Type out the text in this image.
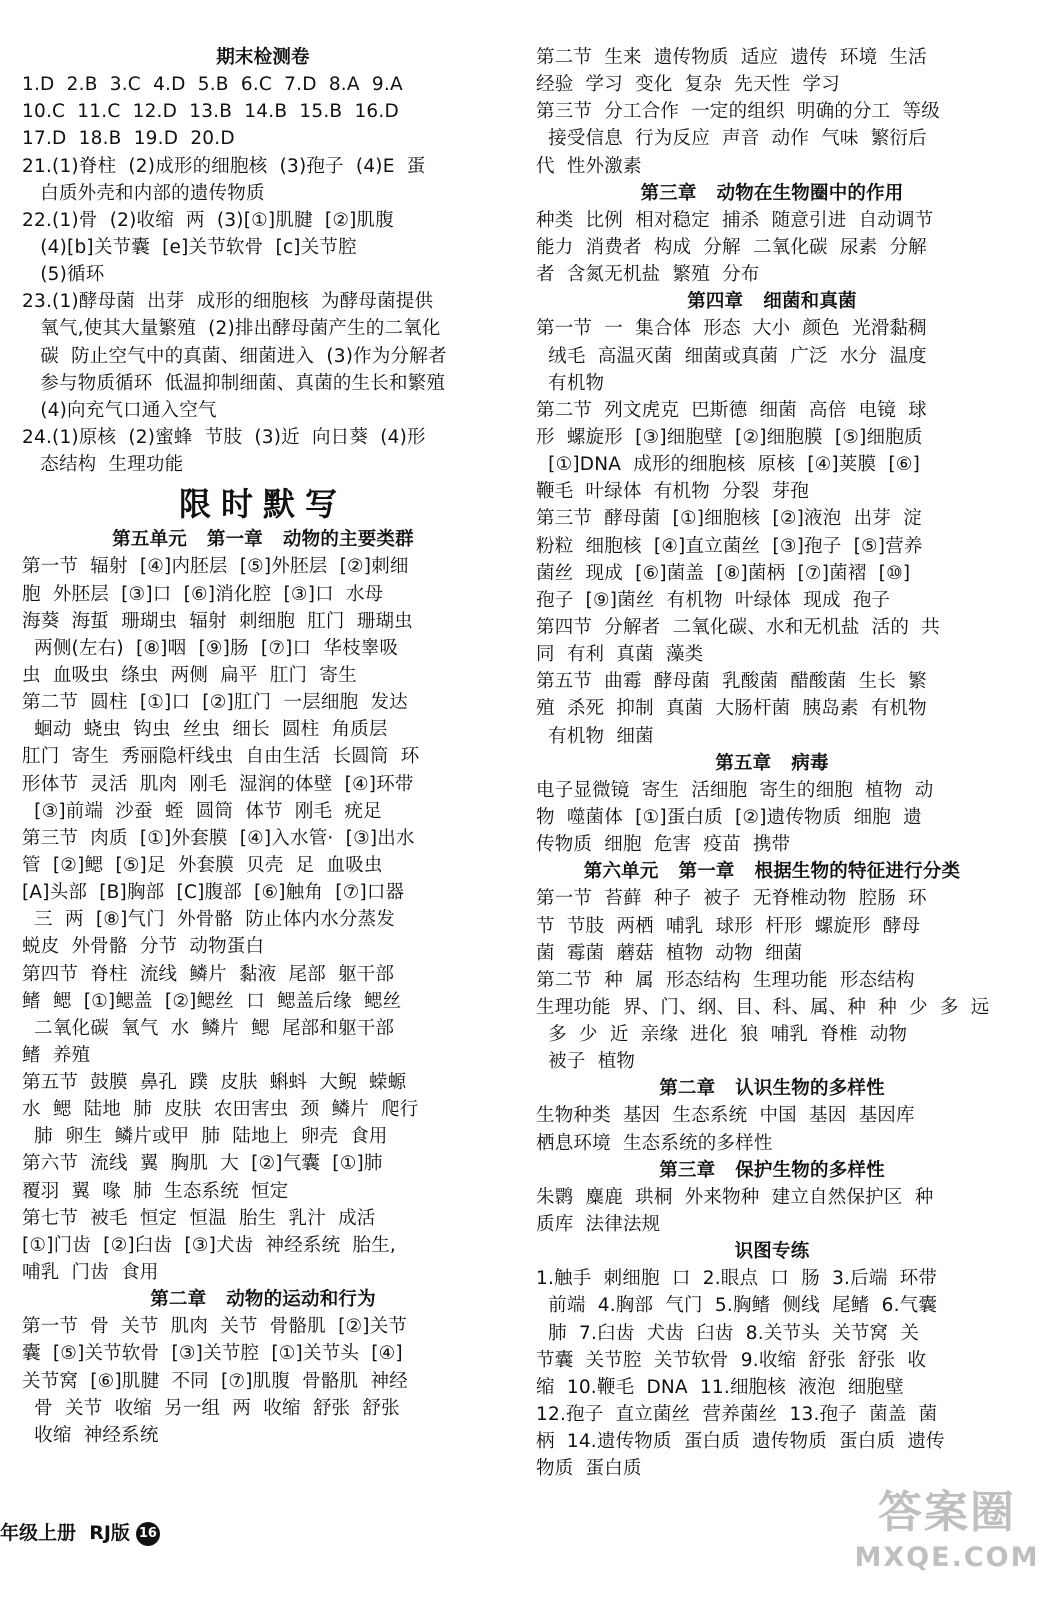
期末检测卷
1.D  2.B  3.C  4.D  5.B  6.C  7.D  8.A  9.A
10.C  11.C  12.D  13.B  14.B  15.B  16.D
17.D  18.B  19.D  20.D
21.(1)脊柱  (2)成形的细胞核  (3)孢子  (4)E  蛋
白质外壳和内部的遗传物质
22.(1)骨  (2)收缩  两  (3)[①]肌腱  [②]肌腹
(4)[b]关节囊  [e]关节软骨  [c]关节腔
(5)循环
23.(1)酵母菌  出芽  成形的细胞核  为酵母菌提供
氧气,使其大量繁殖  (2)排出酵母菌产生的二氧化
碳  防止空气中的真菌、细菌进入  (3)作为分解者
参与物质循环  低温抑制细菌、真菌的生长和繁殖
(4)向充气口通入空气
24.(1)原核  (2)蜜蜂  节肢  (3)近  向日葵  (4)形
态结构  生理功能
限时默写
第五单元   第一章   动物的主要类群
第一节  辐射  [④]内胚层  [⑤]外胚层  [②]刺细
胞  外胚层  [③]口  [⑥]消化腔  [③]口  水母
海葵  海蜇  珊瑚虫  辐射  刺细胞  肛门  珊瑚虫
两侧(左右)  [⑧]咽  [⑨]肠  [⑦]口  华枝睾吸
虫  血吸虫  绦虫  两侧  扁平  肛门  寄生
第二节  圆柱  [①]口  [②]肛门  一层细胞  发达
蛔动  蛲虫  钩虫  丝虫  细长  圆柱  角质层
肛门  寄生  秀丽隐杆线虫  自由生活  长圆筒  环
形体节  灵活  肌肉  刚毛  湿润的体壁  [④]环带
[③]前端  沙蚕  蛭  圆筒  体节  刚毛  疣足
第三节  肉质  [①]外套膜  [④]入水管·  [③]出水
管  [②]鳃  [⑤]足  外套膜  贝壳  足  血吸虫
[A]头部  [B]胸部  [C]腹部  [⑥]触角  [⑦]口器
三  两  [⑧]气门  外骨骼  防止体内水分蒸发
蜕皮  外骨骼  分节  动物蛋白
第四节  脊柱  流线  鳞片  黏液  尾部  躯干部
鳍  鳃  [①]鳃盖  [②]鳃丝  口  鳃盖后缘  鳃丝
二氧化碳  氧气  水  鳞片  鳃  尾部和躯干部
鳍  养殖
第五节  鼓膜  鼻孔  蹼  皮肤  蝌蚪  大鲵  蝾螈
水  鳃  陆地  肺  皮肤  农田害虫  颈  鳞片  爬行
肺  卵生  鳞片或甲  肺  陆地上  卵壳  食用
第六节  流线  翼  胸肌  大  [②]气囊  [①]肺
覆羽  翼  喙  肺  生态系统  恒定
第七节  被毛  恒定  恒温  胎生  乳汁  成活
[①]门齿  [②]臼齿  [③]犬齿  神经系统  胎生,
哺乳  门齿  食用
第二章   动物的运动和行为
第一节  骨  关节  肌肉  关节  骨骼肌  [②]关节
囊  [⑤]关节软骨  [③]关节腔  [①]关节头  [④]
关节窝  [⑥]肌腱  不同  [⑦]肌腹  骨骼肌  神经
骨  关节  收缩  另一组  两  收缩  舒张  舒张
收缩  神经系统
第二节  生来  遗传物质  适应  遗传  环境  生活
经验  学习  变化  复杂  先天性  学习
第三节  分工合作  一定的组织  明确的分工  等级
接受信息  行为反应  声音  动作  气味  繁衍后
代  性外激素
第三章   动物在生物圈中的作用
种类  比例  相对稳定  捕杀  随意引进  自动调节
能力  消费者  构成  分解  二氧化碳  尿素  分解
者  含氮无机盐  繁殖  分布
第四章   细菌和真菌
第一节  一  集合体  形态  大小  颜色  光滑黏稠
绒毛  高温灭菌  细菌或真菌  广泛  水分  温度
有机物
第二节  列文虎克  巴斯德  细菌  高倍  电镜  球
形  螺旋形  [③]细胞壁  [②]细胞膜  [⑤]细胞质
[①]DNA  成形的细胞核  原核  [④]荚膜  [⑥]
鞭毛  叶绿体  有机物  分裂  芽孢
第三节  酵母菌  [①]细胞核  [②]液泡  出芽  淀
粉粒  细胞核  [④]直立菌丝  [③]孢子  [⑤]营养
菌丝  现成  [⑥]菌盖  [⑧]菌柄  [⑦]菌褶  [⑩]
孢子  [⑨]菌丝  有机物  叶绿体  现成  孢子
第四节  分解者  二氧化碳、水和无机盐  活的  共
同  有利  真菌  藻类
第五节  曲霉  酵母菌  乳酸菌  醋酸菌  生长  繁
殖  杀死  抑制  真菌  大肠杆菌  胰岛素  有机物
有机物  细菌
第五章   病毒
电子显微镜  寄生  活细胞  寄生的细胞  植物  动
物  噬菌体  [①]蛋白质  [②]遗传物质  细胞  遗
传物质  细胞  危害  疫苗  携带
第六单元   第一章   根据生物的特征进行分类
第一节  苔藓  种子  被子  无脊椎动物  腔肠  环
节  节肢  两栖  哺乳  球形  杆形  螺旋形  酵母
菌  霉菌  蘑菇  植物  动物  细菌
第二节  种  属  形态结构  生理功能  形态结构
生理功能  界、门、纲、目、科、属、种  种  少  多  远
多  少  近  亲缘  进化  狼  哺乳  脊椎  动物
被子  植物
第二章   认识生物的多样性
生物种类  基因  生态系统  中国  基因  基因库
栖息环境  生态系统的多样性
第三章   保护生物的多样性
朱鹮  麋鹿  珙桐  外来物种  建立自然保护区  种
质库  法律法规
识图专练
1.触手  刺细胞  口  2.眼点  口  肠  3.后端  环带
前端  4.胸部  气门  5.胸鳍  侧线  尾鳍  6.气囊
肺  7.臼齿  犬齿  臼齿  8.关节头  关节窝  关
节囊  关节腔  关节软骨  9.收缩  舒张  舒张  收
缩  10.鞭毛  DNA  11.细胞核  液泡  细胞壁
12.孢子  直立菌丝  营养菌丝  13.孢子  菌盖  菌
柄  14.遗传物质  蛋白质  遗传物质  蛋白质  遗传
物质  蛋白质
年级上册  RJ版 16	答案圈
MXQE.COM
